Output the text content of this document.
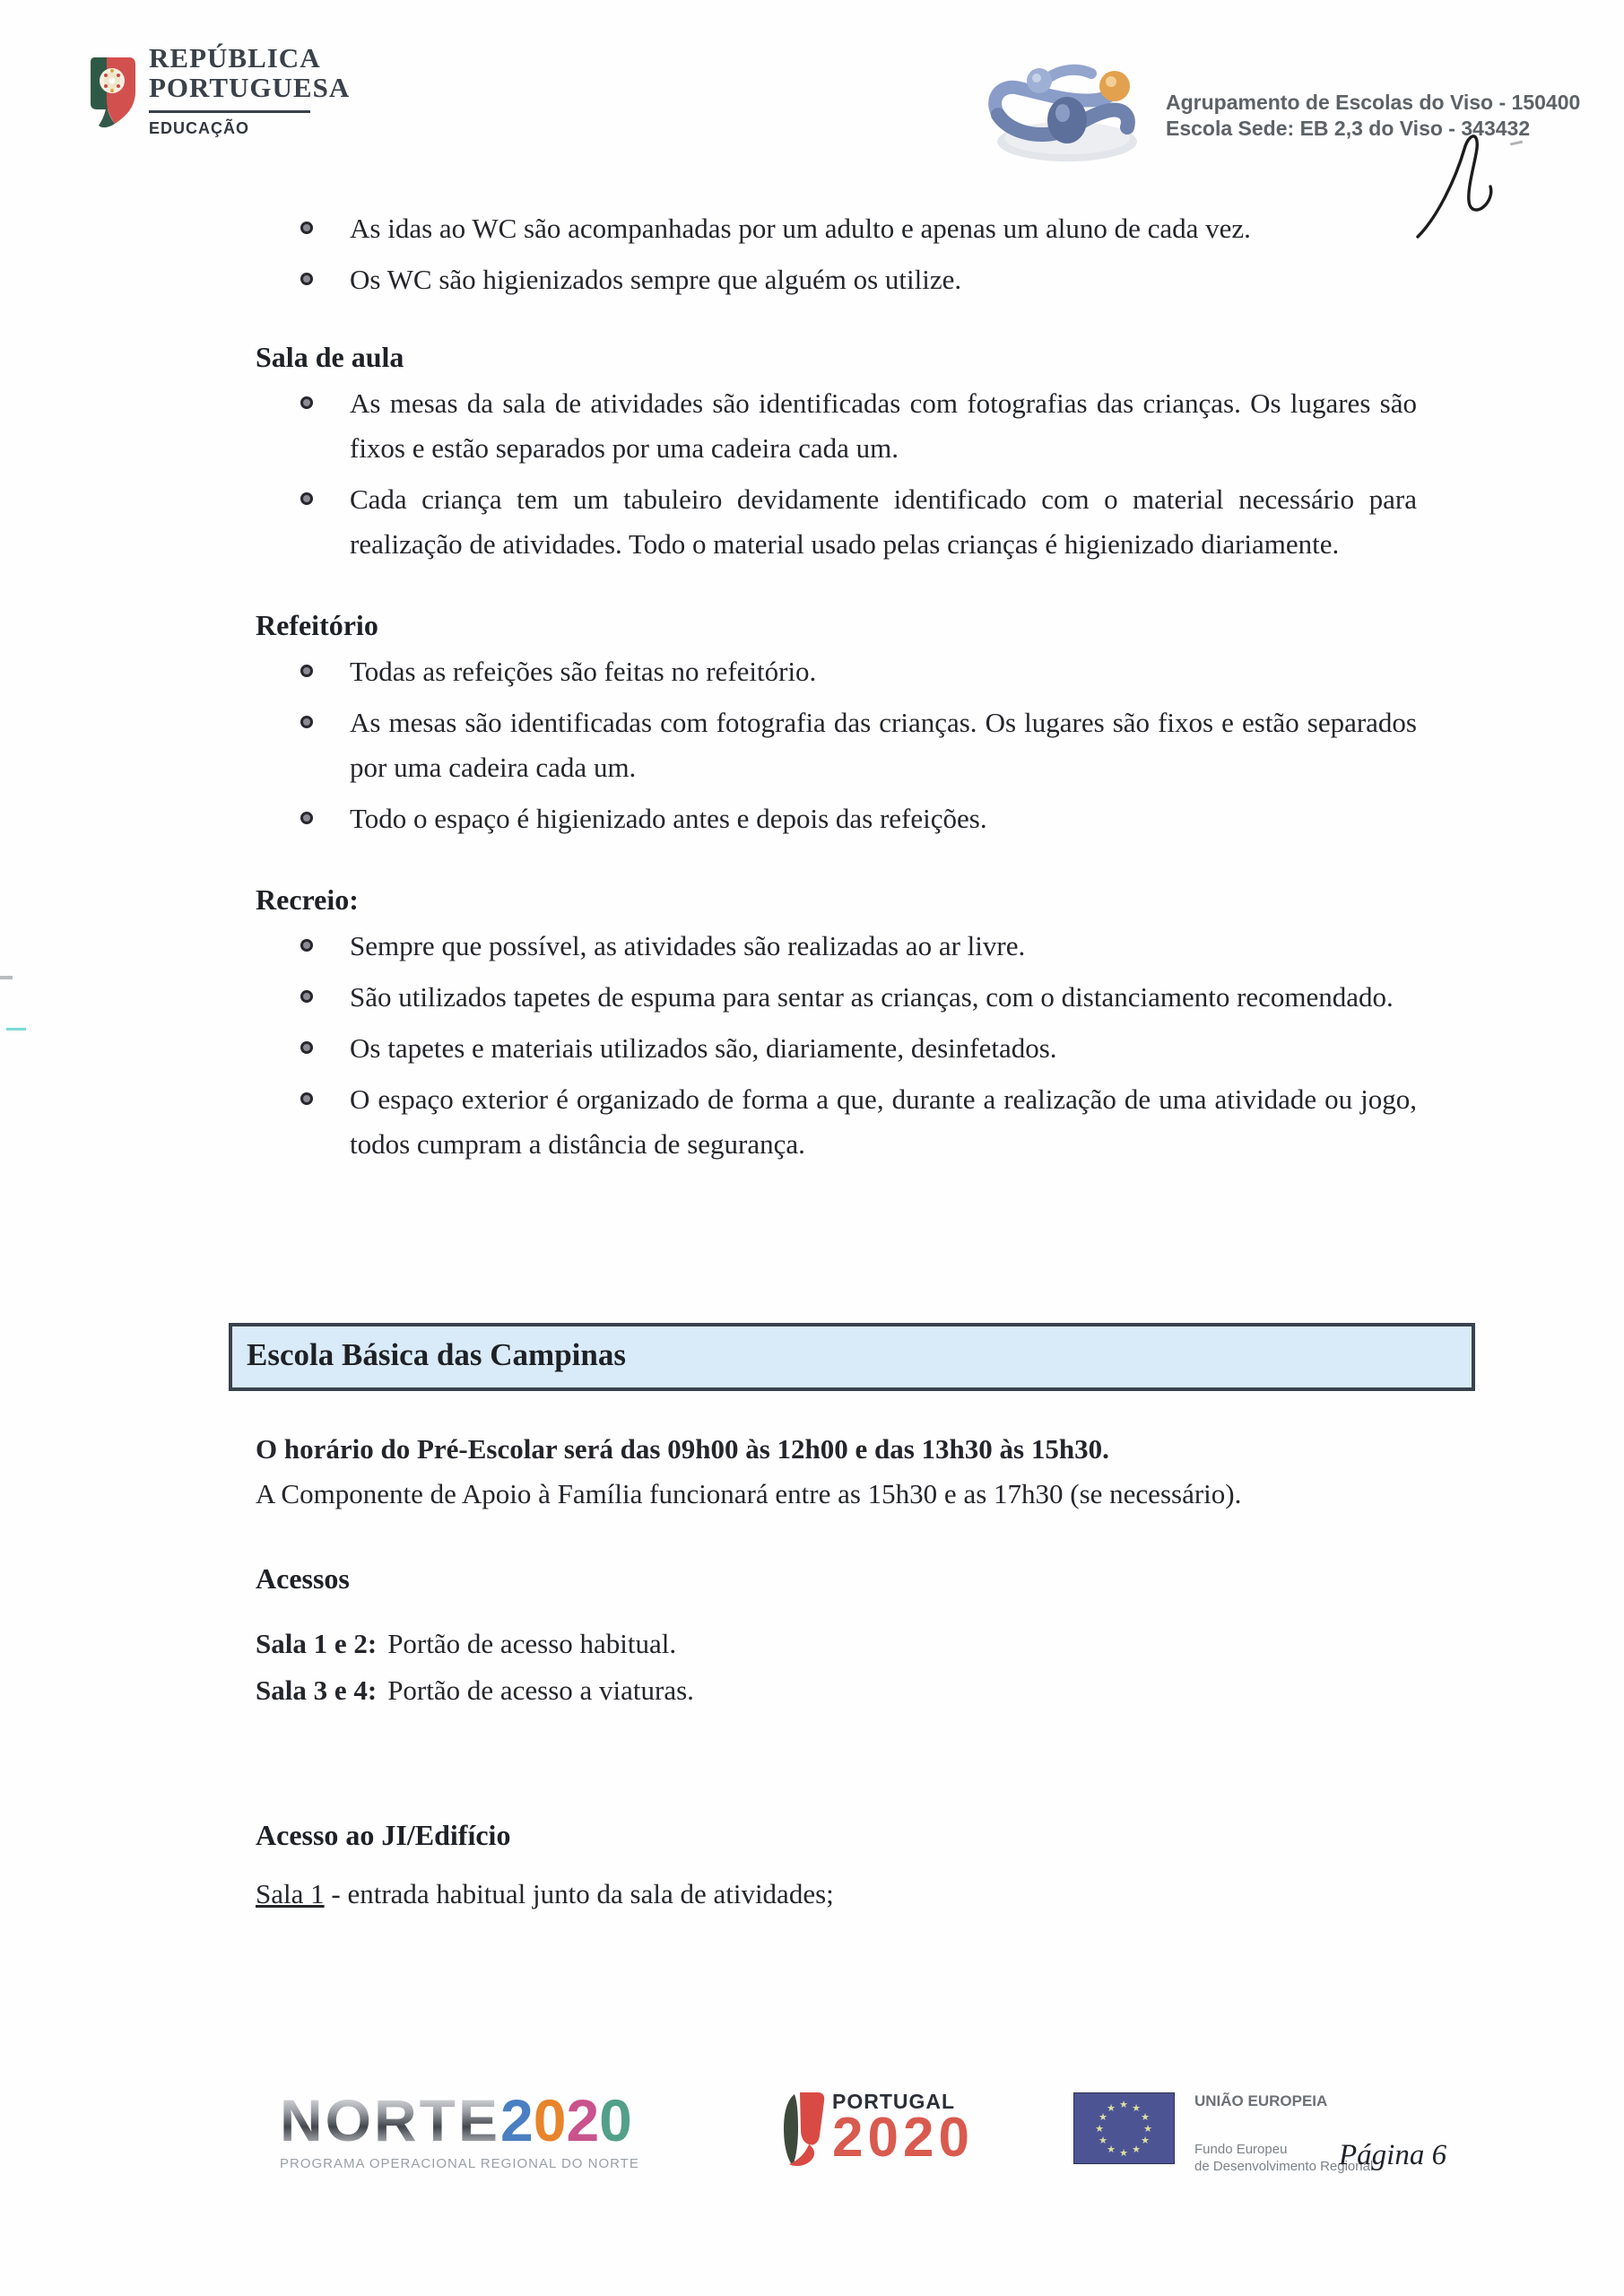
REPÚBLICA
PORTUGUESA
EDUCAÇÃO
Agrupamento de Escolas do Viso - 150400
Escola Sede: EB 2,3 do Viso - 343432
As idas ao WC são acompanhadas por um adulto e apenas um aluno de cada vez.
Os WC são higienizados sempre que alguém os utilize.
Sala de aula
As mesas da sala de atividades são identificadas com fotografias das crianças. Os lugares são fixos e estão separados por uma cadeira cada um.
Cada criança tem um tabuleiro devidamente identificado com o material necessário para realização de atividades. Todo o material usado pelas crianças é higienizado diariamente.
Refeitório
Todas as refeições são feitas no refeitório.
As mesas são identificadas com fotografia das crianças. Os lugares são fixos e estão separados por uma cadeira cada um.
Todo o espaço é higienizado antes e depois das refeições.
Recreio:
Sempre que possível, as atividades são realizadas ao ar livre.
São utilizados tapetes de espuma para sentar as crianças, com o distanciamento recomendado.
Os tapetes e materiais utilizados são, diariamente, desinfetados.
O espaço exterior é organizado de forma a que, durante a realização de uma atividade ou jogo, todos cumpram a distância de segurança.
Escola Básica das Campinas

O horário do Pré-Escolar será das 09h00 às 12h00 e das 13h30 às 15h30.

A Componente de Apoio à Família funcionará entre as 15h30 e as 17h30 (se necessário).

Acessos
Sala 1 e 2: Portão de acesso habitual.
Sala 3 e 4: Portão de acesso a viaturas.
Acesso ao JI/Edifício

Sala 1 - entrada habitual junto da sala de atividades;

NORTE 2 0 2 0
PROGRAMA OPERACIONAL REGIONAL DO NORTE
PORTUGAL
2020
★ ★
★
★
★
★
★
★
★
★
★
★	UNIÃO EUROPEIA
Fundo Europeu
de Desenvolvimento Regional
Página 6
